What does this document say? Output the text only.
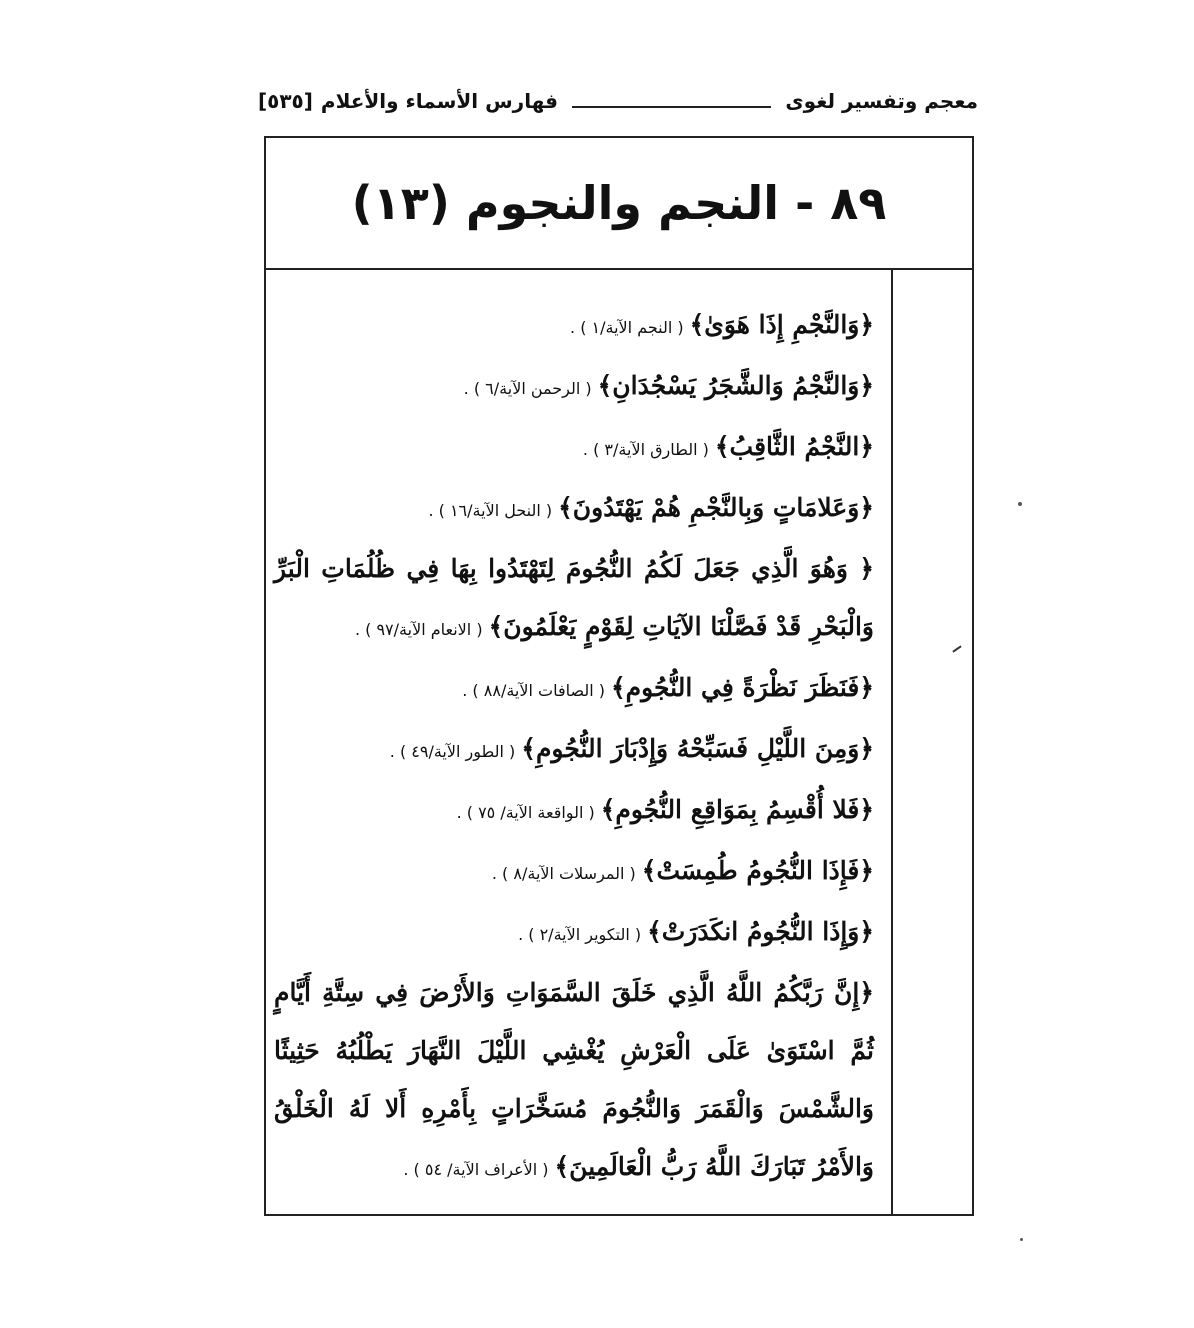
معجم وتفسير لغوى
فهارس الأسماء والأعلام
[٥٣٥]
٨٩ - النجم والنجوم (١٣)
﴿وَالنَّجْمِ إِذَا هَوَىٰ﴾( النجم الآية/١ ) .
﴿وَالنَّجْمُ وَالشَّجَرُ يَسْجُدَانِ﴾( الرحمن الآية/٦ ) .
﴿النَّجْمُ الثَّاقِبُ﴾( الطارق الآية/٣ ) .
﴿وَعَلامَاتٍ وَبِالنَّجْمِ هُمْ يَهْتَدُونَ﴾( النحل الآية/١٦ ) .
﴿ وَهُوَ الَّذِي جَعَلَ لَكُمُ النُّجُومَ لِتَهْتَدُوا بِهَا فِي ظُلُمَاتِ الْبَرِّ وَالْبَحْرِ قَدْ فَصَّلْنَا الآيَاتِ لِقَوْمٍ يَعْلَمُونَ﴾( الانعام الآية/٩٧ ) .
﴿فَنَظَرَ نَظْرَةً فِي النُّجُومِ﴾( الصافات الآية/٨٨ ) .
﴿وَمِنَ اللَّيْلِ فَسَبِّحْهُ وَإِدْبَارَ النُّجُومِ﴾( الطور الآية/٤٩ ) .
﴿فَلا أُقْسِمُ بِمَوَاقِعِ النُّجُومِ﴾( الواقعة الآية/ ٧٥ ) .
﴿فَإِذَا النُّجُومُ طُمِسَتْ﴾( المرسلات الآية/٨ ) .
﴿وَإِذَا النُّجُومُ انكَدَرَتْ﴾( التكوير الآية/٢ ) .
﴿إِنَّ رَبَّكُمُ اللَّهُ الَّذِي خَلَقَ السَّمَوَاتِ وَالأَرْضَ فِي سِتَّةِ أَيَّامٍ ثُمَّ اسْتَوَىٰ عَلَى الْعَرْشِ يُغْشِي اللَّيْلَ النَّهَارَ يَطْلُبُهُ حَثِيثًا وَالشَّمْسَ وَالْقَمَرَ وَالنُّجُومَ مُسَخَّرَاتٍ بِأَمْرِهِ أَلا لَهُ الْخَلْقُ وَالأَمْرُ تَبَارَكَ اللَّهُ رَبُّ الْعَالَمِينَ﴾( الأعراف الآية/ ٥٤ ) .
